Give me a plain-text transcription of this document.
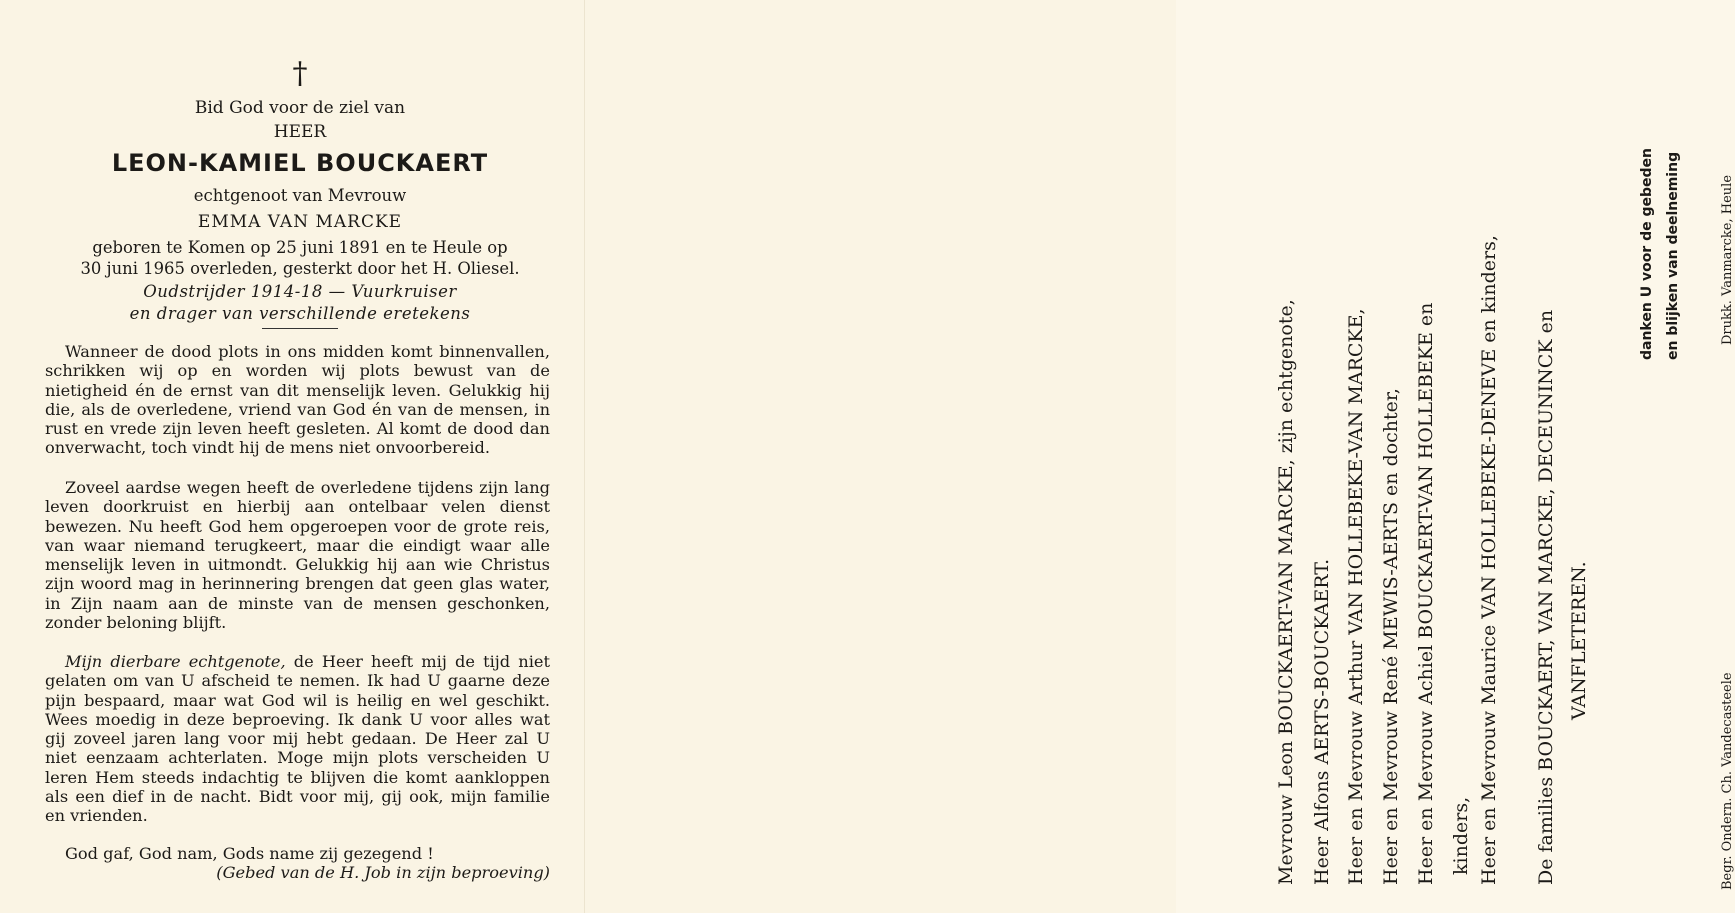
†
Bid God voor de ziel van
HEER
LEON-KAMIEL BOUCKAERT
echtgenoot van Mevrouw
EMMA VAN MARCKE
geboren te Komen op 25 juni 1891 en te Heule op
30 juni 1965 overleden, gesterkt door het H. Oliesel.
Oudstrijder 1914-18 — Vuurkruiser
en drager van verschillende eretekens
Wanneer de dood plots in ons midden komt binnenvallen, schrikken wij op en worden wij plots bewust van de nietigheid én de ernst van dit menselijk leven. Gelukkig hij die, als de overledene, vriend van God én van de mensen, in rust en vrede zijn leven heeft gesleten. Al komt de dood dan onverwacht, toch vindt hij de mens niet onvoorbereid.
Zoveel aardse wegen heeft de overledene tijdens zijn lang leven doorkruist en hierbij aan ontelbaar velen dienst bewezen. Nu heeft God hem opgeroepen voor de grote reis, van waar niemand terugkeert, maar die eindigt waar alle menselijk leven in uitmondt. Gelukkig hij aan wie Christus zijn woord mag in herinnering brengen dat geen glas water, in Zijn naam aan de minste van de mensen geschonken, zonder beloning blijft.
Mijn dierbare echtgenote, de Heer heeft mij de tijd niet gelaten om van U afscheid te nemen. Ik had U gaarne deze pijn bespaard, maar wat God wil is heilig en wel geschikt. Wees moedig in deze beproeving. Ik dank U voor alles wat gij zoveel jaren lang voor mij hebt gedaan. De Heer zal U niet eenzaam achterlaten. Moge mijn plots verscheiden U leren Hem steeds indachtig te blijven die komt aankloppen als een dief in de nacht. Bidt voor mij, gij ook, mijn familie en vrienden.
God gaf, God nam, Gods name zij gezegend !
(Gebed van de H. Job in zijn beproeving)	Mevrouw Leon BOUCKAERT-VAN MARCKE, zijn echtgenote, Heer Alfons AERTS-BOUCKAERT. Heer en Mevrouw Arthur VAN HOLLEBEKE-VAN MARCKE, Heer en Mevrouw René MEWIS-AERTS en dochter, Heer en Mevrouw Achiel BOUCKAERT-VAN HOLLEBEKE en kinders, Heer en Mevrouw Maurice VAN HOLLEBEKE-DENEVE en kinders, De families BOUCKAERT, VAN MARCKE, DECEUNINCK en VANFLETEREN.
danken U voor de gebeden en blijken van deelneming	Drukk. Vanmarcke, Heule
Begr. Ondern. Ch. Vandecasteele
